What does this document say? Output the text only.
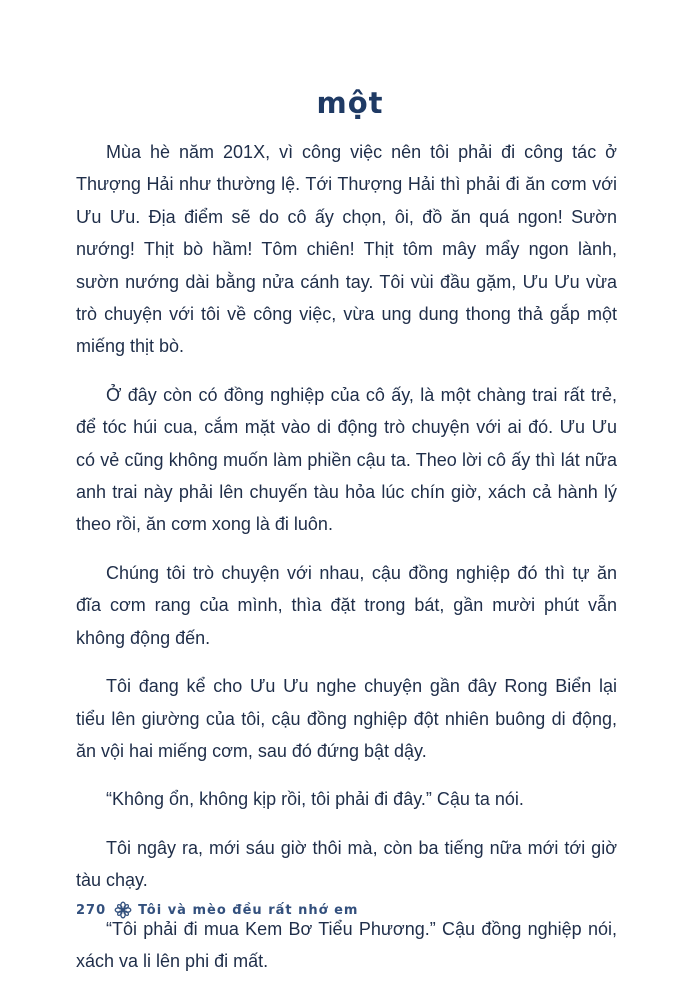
một

Mùa hè năm 201X, vì công việc nên tôi phải đi công tác ở Thượng Hải như thường lệ. Tới Thượng Hải thì phải đi ăn cơm với Ưu Ưu. Địa điểm sẽ do cô ấy chọn, ôi, đồ ăn quá ngon! Sườn nướng! Thịt bò hầm! Tôm chiên! Thịt tôm mây mẩy ngon lành, sườn nướng dài bằng nửa cánh tay. Tôi vùi đầu gặm, Ưu Ưu vừa trò chuyện với tôi về công việc, vừa ung dung thong thả gắp một miếng thịt bò.

Ở đây còn có đồng nghiệp của cô ấy, là một chàng trai rất trẻ, để tóc húi cua, cắm mặt vào di động trò chuyện với ai đó. Ưu Ưu có vẻ cũng không muốn làm phiền cậu ta. Theo lời cô ấy thì lát nữa anh trai này phải lên chuyến tàu hỏa lúc chín giờ, xách cả hành lý theo rồi, ăn cơm xong là đi luôn.

Chúng tôi trò chuyện với nhau, cậu đồng nghiệp đó thì tự ăn đĩa cơm rang của mình, thìa đặt trong bát, gần mười phút vẫn không động đến.

Tôi đang kể cho Ưu Ưu nghe chuyện gần đây Rong Biển lại tiểu lên giường của tôi, cậu đồng nghiệp đột nhiên buông di động, ăn vội hai miếng cơm, sau đó đứng bật dậy.

“Không ổn, không kịp rồi, tôi phải đi đây.” Cậu ta nói.

Tôi ngây ra, mới sáu giờ thôi mà, còn ba tiếng nữa mới tới giờ tàu chạy.

“Tôi phải đi mua Kem Bơ Tiểu Phương.” Cậu đồng nghiệp nói, xách va li lên phi đi mất.

270 Tôi và mèo đều rất nhớ em
